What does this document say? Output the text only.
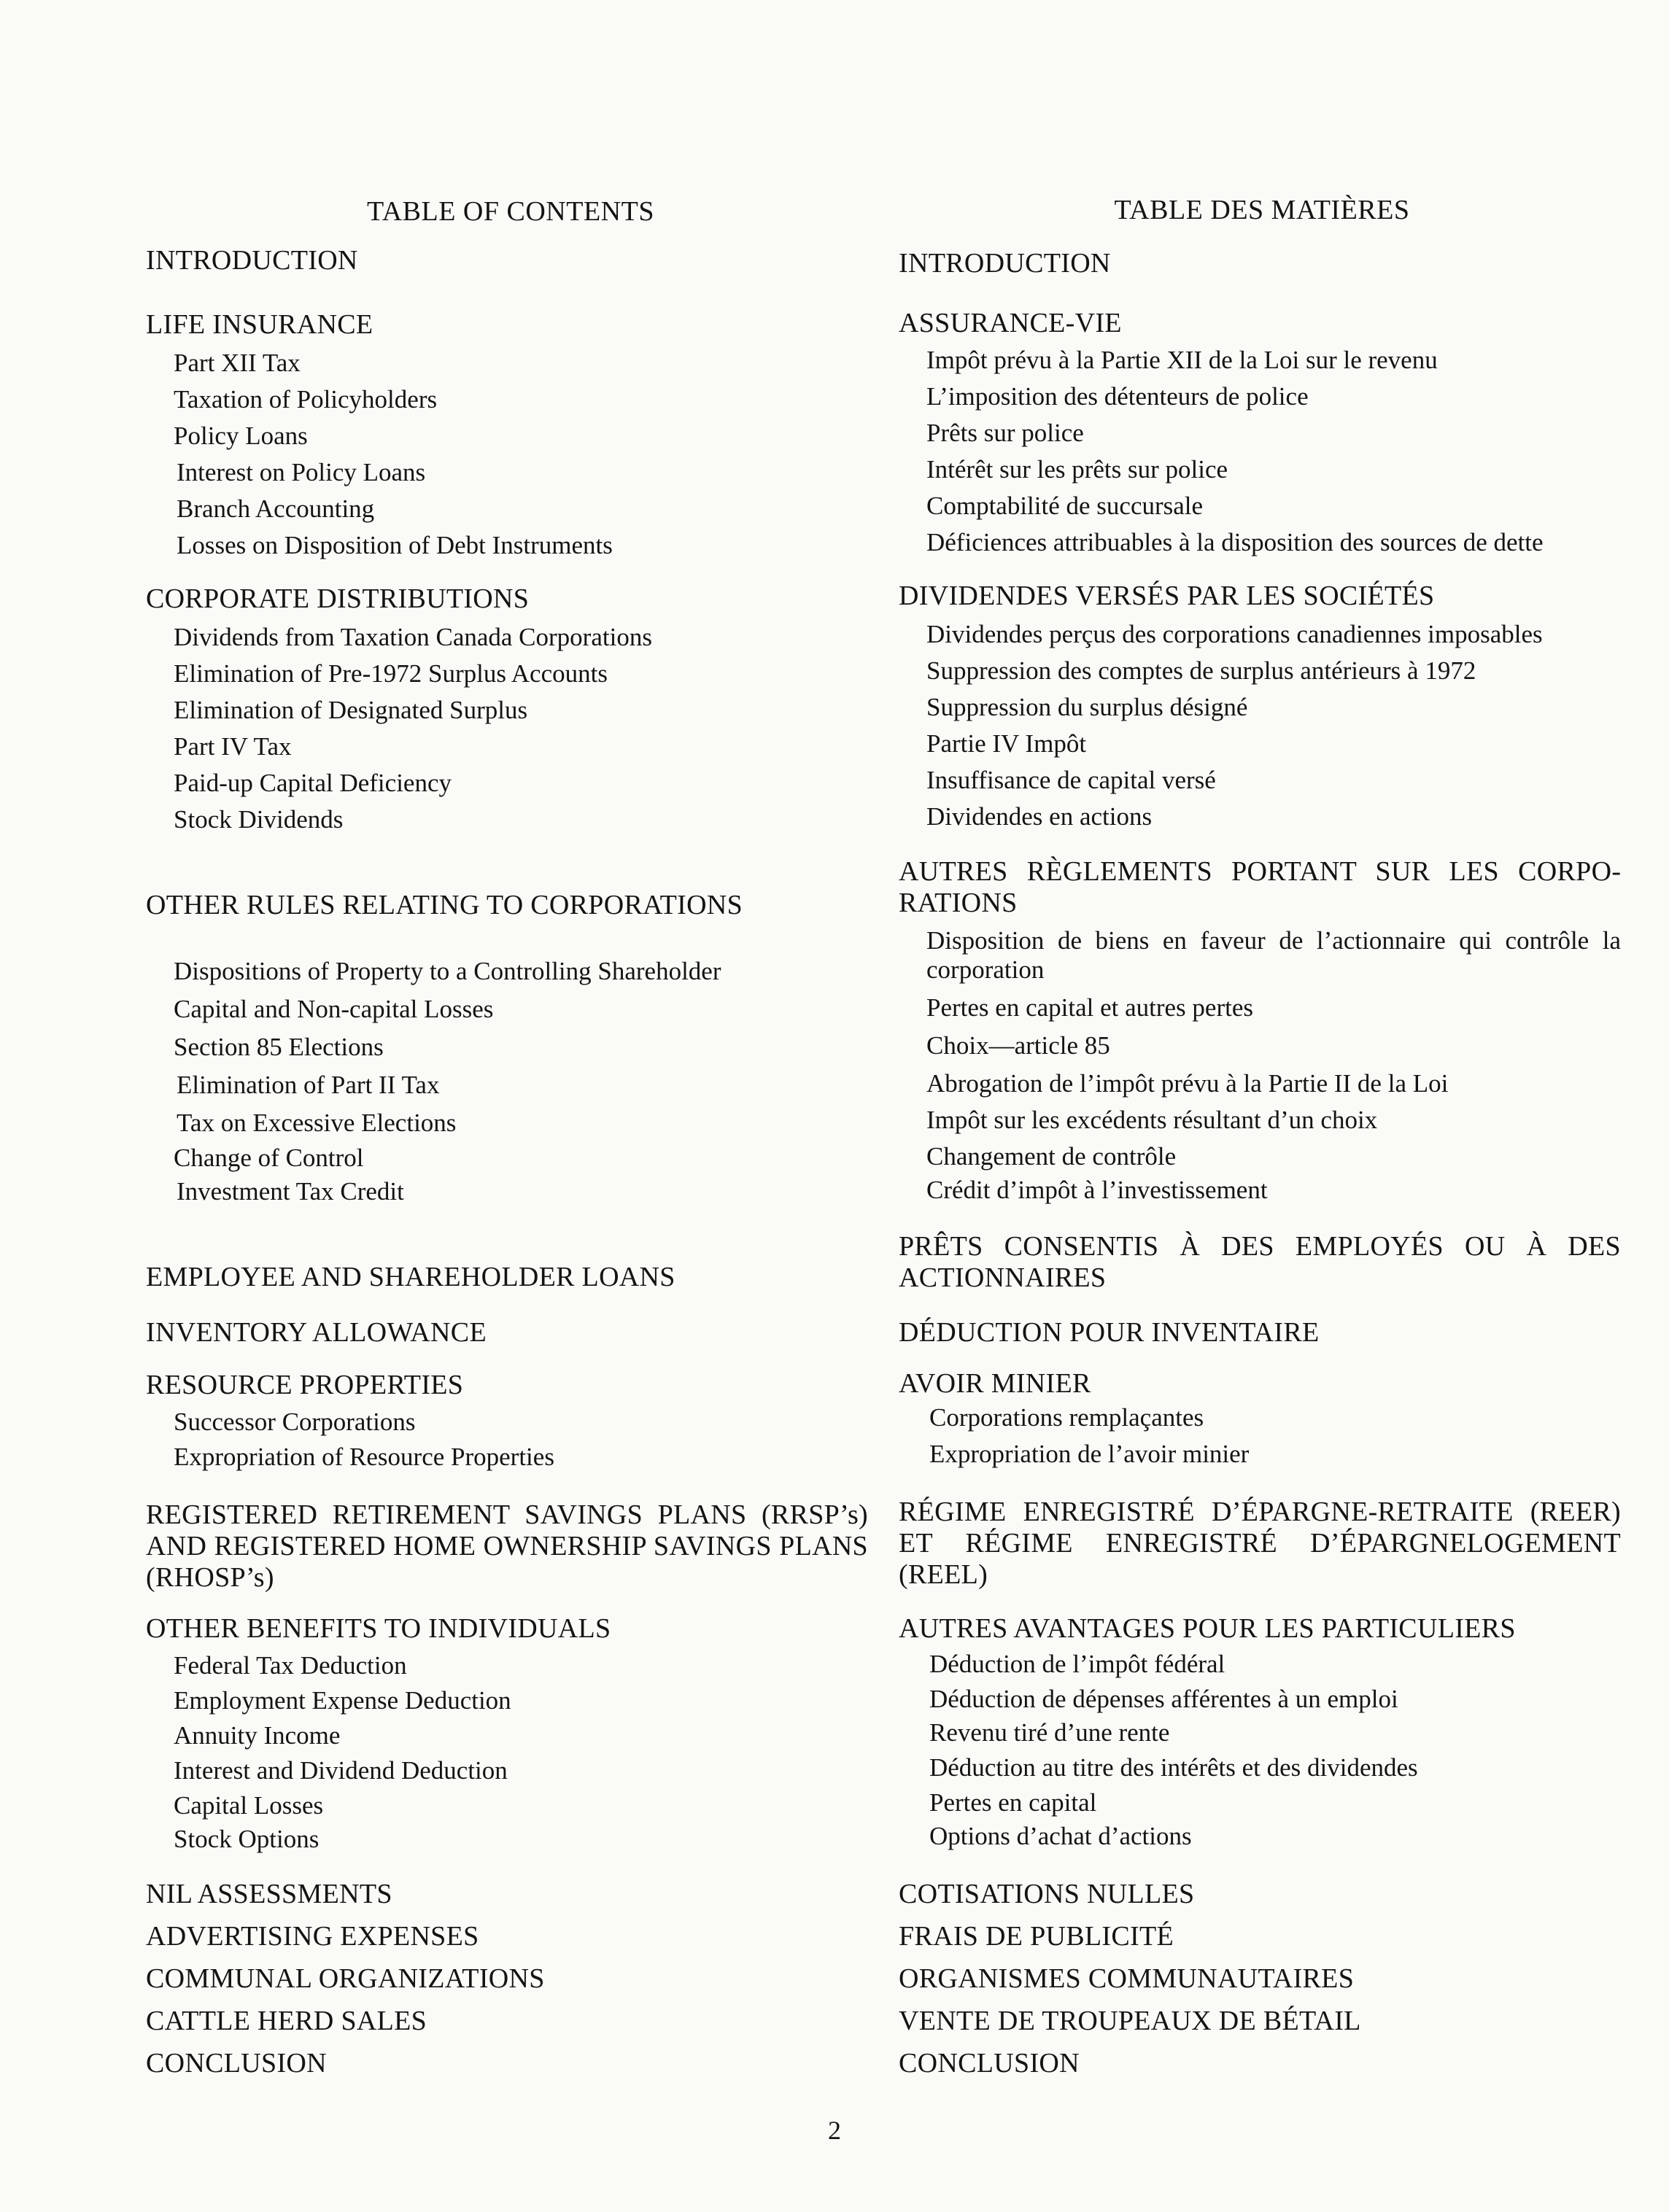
TABLE OF CONTENTS
INTRODUCTION
LIFE INSURANCE
Part XII Tax
Taxation of Policyholders
Policy Loans
Interest on Policy Loans
Branch Accounting
Losses on Disposition of Debt Instruments
CORPORATE DISTRIBUTIONS
Dividends from Taxation Canada Corporations
Elimination of Pre-1972 Surplus Accounts
Elimination of Designated Surplus
Part IV Tax
Paid-up Capital Deficiency
Stock Dividends
OTHER RULES RELATING TO CORPORATIONS
Dispositions of Property to a Controlling Shareholder
Capital and Non-capital Losses
Section 85 Elections
Elimination of Part II Tax
Tax on Excessive Elections
Change of Control
Investment Tax Credit
EMPLOYEE AND SHAREHOLDER LOANS
INVENTORY ALLOWANCE
RESOURCE PROPERTIES
Successor Corporations
Expropriation of Resource Properties
REGISTERED RETIREMENT SAVINGS PLANS (RRSP’s) AND REGISTERED HOME OWNERSHIP SAVINGS PLANS (RHOSP’s)
OTHER BENEFITS TO INDIVIDUALS
Federal Tax Deduction
Employment Expense Deduction
Annuity Income
Interest and Dividend Deduction
Capital Losses
Stock Options
NIL ASSESSMENTS
ADVERTISING EXPENSES
COMMUNAL ORGANIZATIONS
CATTLE HERD SALES
CONCLUSION
TABLE DES MATIÈRES
INTRODUCTION
ASSURANCE-VIE
Impôt prévu à la Partie XII de la Loi sur le revenu
L’imposition des détenteurs de police
Prêts sur police
Intérêt sur les prêts sur police
Comptabilité de succursale
Déficiences attribuables à la disposition des sources de dette
DIVIDENDES VERSÉS PAR LES SOCIÉTÉS
Dividendes perçus des corporations canadiennes imposables
Suppression des comptes de surplus antérieurs à 1972
Suppression du surplus désigné
Partie IV Impôt
Insuffisance de capital versé
Dividendes en actions
AUTRES RÈGLEMENTS PORTANT SUR LES CORPORATIONS
Disposition de biens en faveur de l’actionnaire qui contrôle la corporation
Pertes en capital et autres pertes
Choix—article 85
Abrogation de l’impôt prévu à la Partie II de la Loi
Impôt sur les excédents résultant d’un choix
Changement de contrôle
Crédit d’impôt à l’investissement
PRÊTS CONSENTIS À DES EMPLOYÉS OU À DES ACTIONNAIRES
DÉDUCTION POUR INVENTAIRE
AVOIR MINIER
Corporations remplaçantes
Expropriation de l’avoir minier
RÉGIME ENREGISTRÉ D’ÉPARGNE-RETRAITE (REER) ET RÉGIME ENREGISTRÉ D’ÉPARGNELOGEMENT (REEL)
AUTRES AVANTAGES POUR LES PARTICULIERS
Déduction de l’impôt fédéral
Déduction de dépenses afférentes à un emploi
Revenu tiré d’une rente
Déduction au titre des intérêts et des dividendes
Pertes en capital
Options d’achat d’actions
COTISATIONS NULLES
FRAIS DE PUBLICITÉ
ORGANISMES COMMUNAUTAIRES
VENTE DE TROUPEAUX DE BÉTAIL
CONCLUSION
2
